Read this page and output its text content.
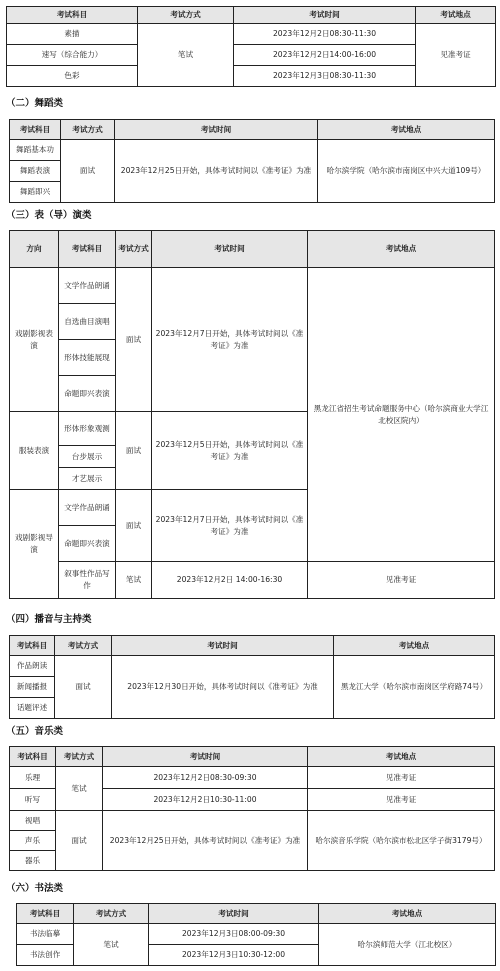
考试科目	考试方式	考试时间	考试地点
素描	笔试	2023年12月2日08:30-11:30	见准考证
速写（综合能力）		2023年12月2日14:00-16:00	
色彩		2023年12月3日08:30-11:30	
（二）舞蹈类
考试科目	考试方式	考试时间	考试地点
舞蹈基本功	面试	2023年12月25日开始，具体考试时间以《准考证》为准	哈尔滨学院（哈尔滨市南岗区中兴大道109号）
舞蹈表演			
舞蹈即兴			
（三）表（导）演类
方向	考试科目	考试方式	考试时间	考试地点
戏剧影视表演	文学作品朗诵	面试	2023年12月7日开始，具体考试时间以《准考证》为准	黑龙江省招生考试命题服务中心（哈尔滨商业大学江北校区院内）
	自选曲目演唱			
	形体技能展现			
	命题即兴表演			
服装表演	形体形象观测	面试	2023年12月5日开始，具体考试时间以《准考证》为准	
	台步展示			
	才艺展示			
戏剧影视导演	文学作品朗诵	面试	2023年12月7日开始，具体考试时间以《准考证》为准	
	命题即兴表演			
	叙事性作品写作	笔试	2023年12月2日 14:00-16:30	见准考证
（四）播音与主持类
考试科目	考试方式	考试时间	考试地点
作品朗读	面试	2023年12月30日开始，具体考试时间以《准考证》为准	黑龙江大学（哈尔滨市南岗区学府路74号）
新闻播报			
话题评述			
（五）音乐类
考试科目	考试方式	考试时间	考试地点
乐理	笔试	2023年12月2日08:30-09:30	见准考证
听写		2023年12月2日10:30-11:00	见准考证
视唱	面试	2023年12月25日开始，具体考试时间以《准考证》为准	哈尔滨音乐学院（哈尔滨市松北区学子街3179号）
声乐			
器乐			
（六）书法类
考试科目	考试方式	考试时间	考试地点
书法临摹	笔试	2023年12月3日08:00-09:30	哈尔滨师范大学（江北校区）
书法创作		2023年12月3日10:30-12:00	
